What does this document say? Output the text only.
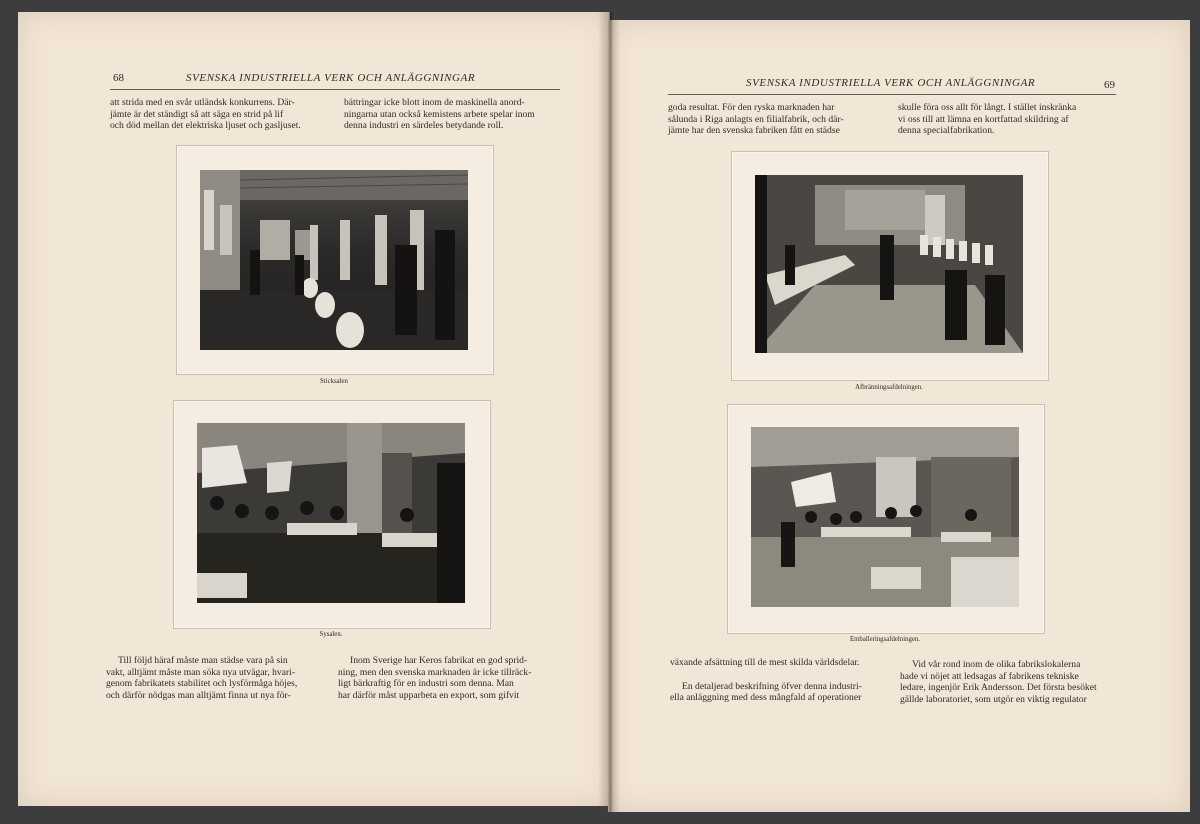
68	SVENSKA INDUSTRIELLA VERK OCH ANLÄGGNINGAR

att strida med en svår utländsk konkurrens. Där-

jämte är det ständigt så att säga en strid på lif

och död mellan det elektriska ljuset och gasljuset.

bättringar icke blott inom de maskinella anord-

ningarna utan också kemistens arbete spelar inom

denna industri en särdeles betydande roll.

Sticksalen
Sysalen.

Till följd häraf måste man städse vara på sin

vakt, alltjämt måste man söka nya utvägar, hvari-

genom fabrikatets stabilitet och lysförmåga höjes,

och därför nödgas man alltjämt finna ut nya för-

Inom Sverige har Keros fabrikat en god sprid-

ning, men den svenska marknaden är icke tillräck-

ligt bärkraftig för en industri som denna. Man

har därför måst upparbeta en export, som gifvit

SVENSKA INDUSTRIELLA VERK OCH ANLÄGGNINGAR	69

goda resultat. För den ryska marknaden har

sålunda i Riga anlagts en filialfabrik, och där-

jämte har den svenska fabriken fått en städse

skulle föra oss allt för långt. I stället inskränka

vi oss till att lämna en kortfattad skildring af

denna specialfabrikation.

Afbränningsafdelningen.
Emballeringsafdelningen.

växande afsättning till de mest skilda världsdelar.

En detaljerad beskrifning öfver denna industri-

ella anläggning med dess mångfald af operationer

Vid vår rond inom de olika fabrikslokalerna

hade vi nöjet att ledsagas af fabrikens tekniske

ledare, ingenjör Erik Andersson. Det första besöket

gällde laboratoriet, som utgör en viktig regulator
